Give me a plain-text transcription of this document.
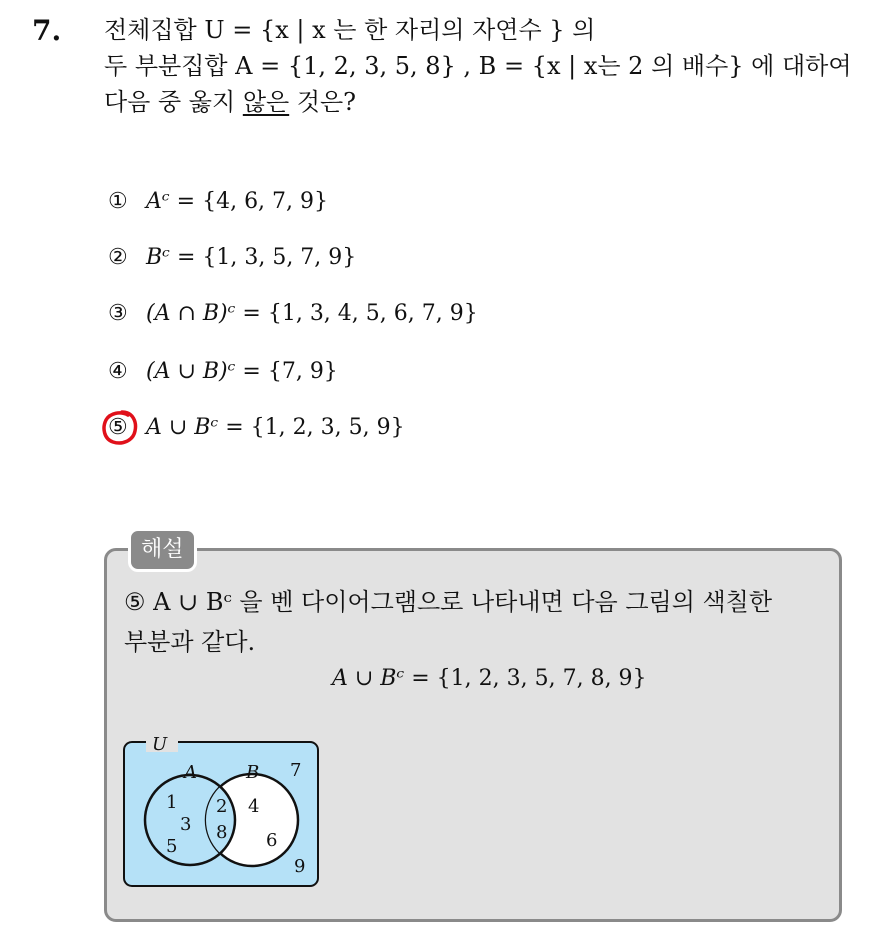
7. 전체집합 U = {x | x 는 한 자리의 자연수 } 의
두 부분집합 A = {1, 2, 3, 5, 8} , B = {x | x는 2 의 배수} 에 대하여
다음 중 옳지 않은 것은?
① Aᶜ = {4, 6, 7, 9}
② Bᶜ = {1, 3, 5, 7, 9}
③ (A ∩ B)ᶜ = {1, 3, 4, 5, 6, 7, 9}
④ (A ∪ B)ᶜ = {7, 9}
⑤ A ∪ Bᶜ = {1, 2, 3, 5, 9}
해설
⑤ A ∪ Bᶜ 을 벤 다이어그램으로 나타내면 다음 그림의 색칠한
부분과 같다.
A ∪ Bᶜ = {1, 2, 3, 5, 7, 8, 9}
U
A	B
1
3
5
2
8
4
6
7
9
